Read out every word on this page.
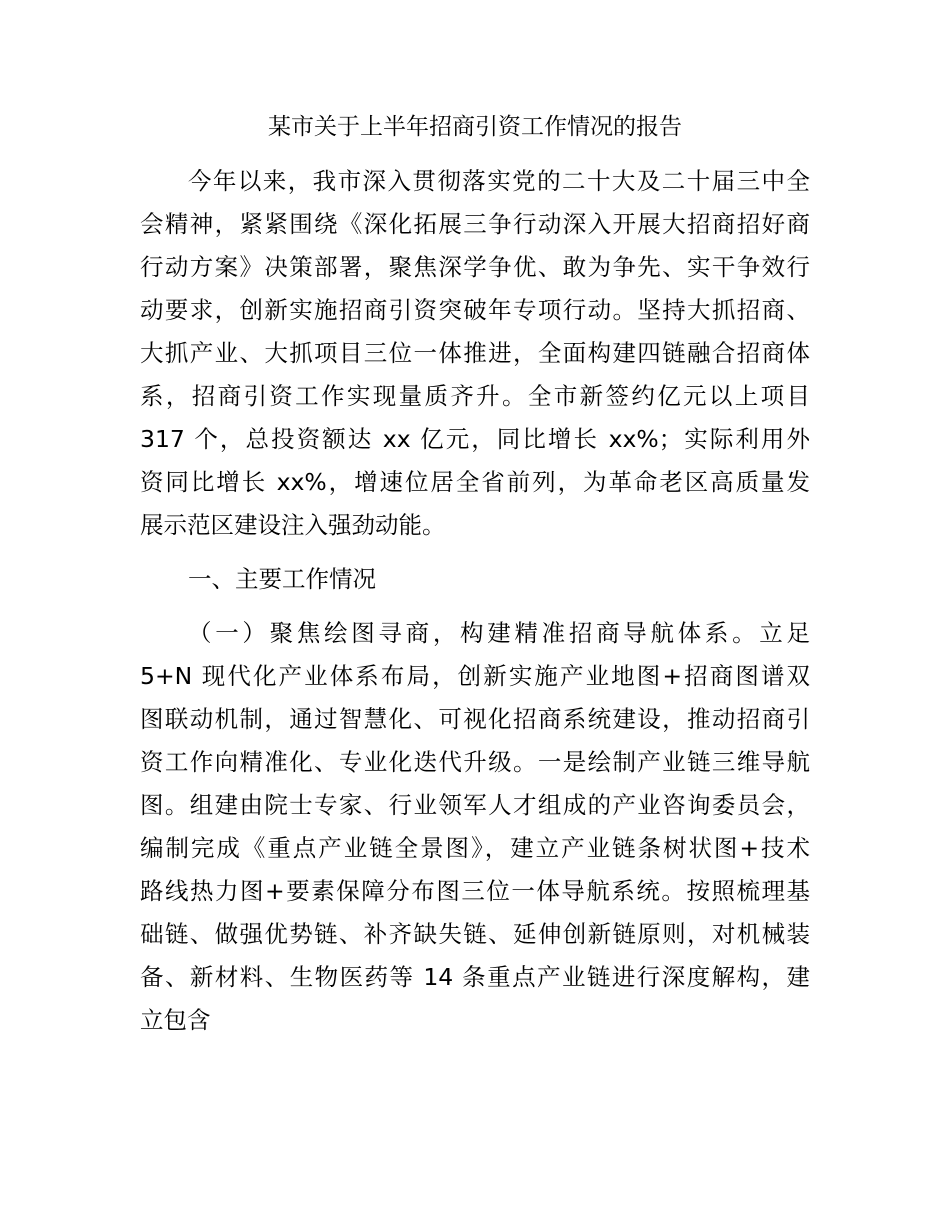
某市关于上半年招商引资工作情况的报告
今年以来，我市深入贯彻落实党的二十大及二十届三中全
会精神，紧紧围绕《深化拓展三争行动深入开展大招商招好商
行动方案》决策部署，聚焦深学争优、敢为争先、实干争效行
动要求，创新实施招商引资突破年专项行动。坚持大抓招商、
大抓产业、大抓项目三位一体推进，全面构建四链融合招商体
系，招商引资工作实现量质齐升。全市新签约亿元以上项目
317 个，总投资额达 xx 亿元，同比增长 xx%；实际利用外
资同比增长 xx%，增速位居全省前列，为革命老区高质量发
展示范区建设注入强劲动能。
一、主要工作情况
（一）聚焦绘图寻商，构建精准招商导航体系。立足
5+N 现代化产业体系布局，创新实施产业地图+招商图谱双
图联动机制，通过智慧化、可视化招商系统建设，推动招商引
资工作向精准化、专业化迭代升级。一是绘制产业链三维导航
图。组建由院士专家、行业领军人才组成的产业咨询委员会，
编制完成《重点产业链全景图》，建立产业链条树状图+技术
路线热力图+要素保障分布图三位一体导航系统。按照梳理基
础链、做强优势链、补齐缺失链、延伸创新链原则，对机械装
备、新材料、生物医药等 14 条重点产业链进行深度解构，建
立包含
